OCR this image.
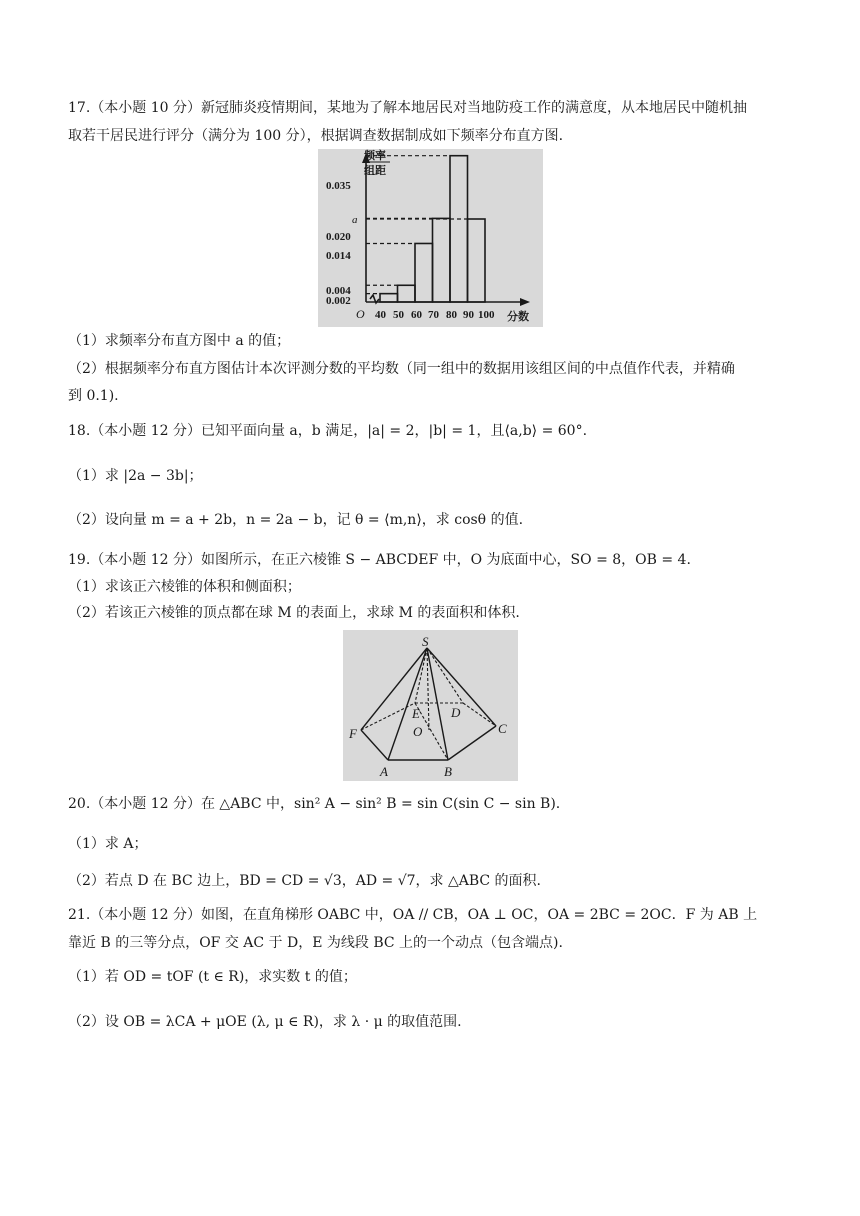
17.（本小题 10 分）新冠肺炎疫情期间，某地为了解本地居民对当地防疫工作的满意度，从本地居民中随机抽
取若干居民进行评分（满分为 100 分），根据调查数据制成如下频率分布直方图.
频率
组距
0.035
a
0.020
0.014
0.004
0.002
O 40 50 60 70 80 90 100 分数
（1）求频率分布直方图中 a 的值；
（2）根据频率分布直方图估计本次评测分数的平均数（同一组中的数据用该组区间的中点值作代表，并精确
到 0.1).
18.（本小题 12 分）已知平面向量 a，b 满足，|a| = 2，|b| = 1，且⟨a,b⟩ = 60°.
（1）求 |2a − 3b|；
（2）设向量 m = a + 2b，n = 2a − b，记 θ = ⟨m,n⟩，求 cosθ 的值.
19.（本小题 12 分）如图所示，在正六棱锥 S − ABCDEF 中，O 为底面中心，SO = 8，OB = 4.
（1）求该正六棱锥的体积和侧面积；
（2）若该正六棱锥的顶点都在球 M 的表面上，求球 M 的表面积和体积.
S
E D
F	O	C
A	B
20.（本小题 12 分）在 △ABC 中，sin² A − sin² B = sin C(sin C − sin B).
（1）求 A；
（2）若点 D 在 BC 边上，BD = CD = √3，AD = √7，求 △ABC 的面积.
21.（本小题 12 分）如图，在直角梯形 OABC 中，OA // CB，OA ⊥ OC，OA = 2BC = 2OC．F 为 AB 上
靠近 B 的三等分点，OF 交 AC 于 D，E 为线段 BC 上的一个动点（包含端点).
（1）若 OD = tOF (t ∈ R)，求实数 t 的值；
（2）设 OB = λCA + μOE (λ, μ ∈ R)，求 λ · μ 的取值范围.
